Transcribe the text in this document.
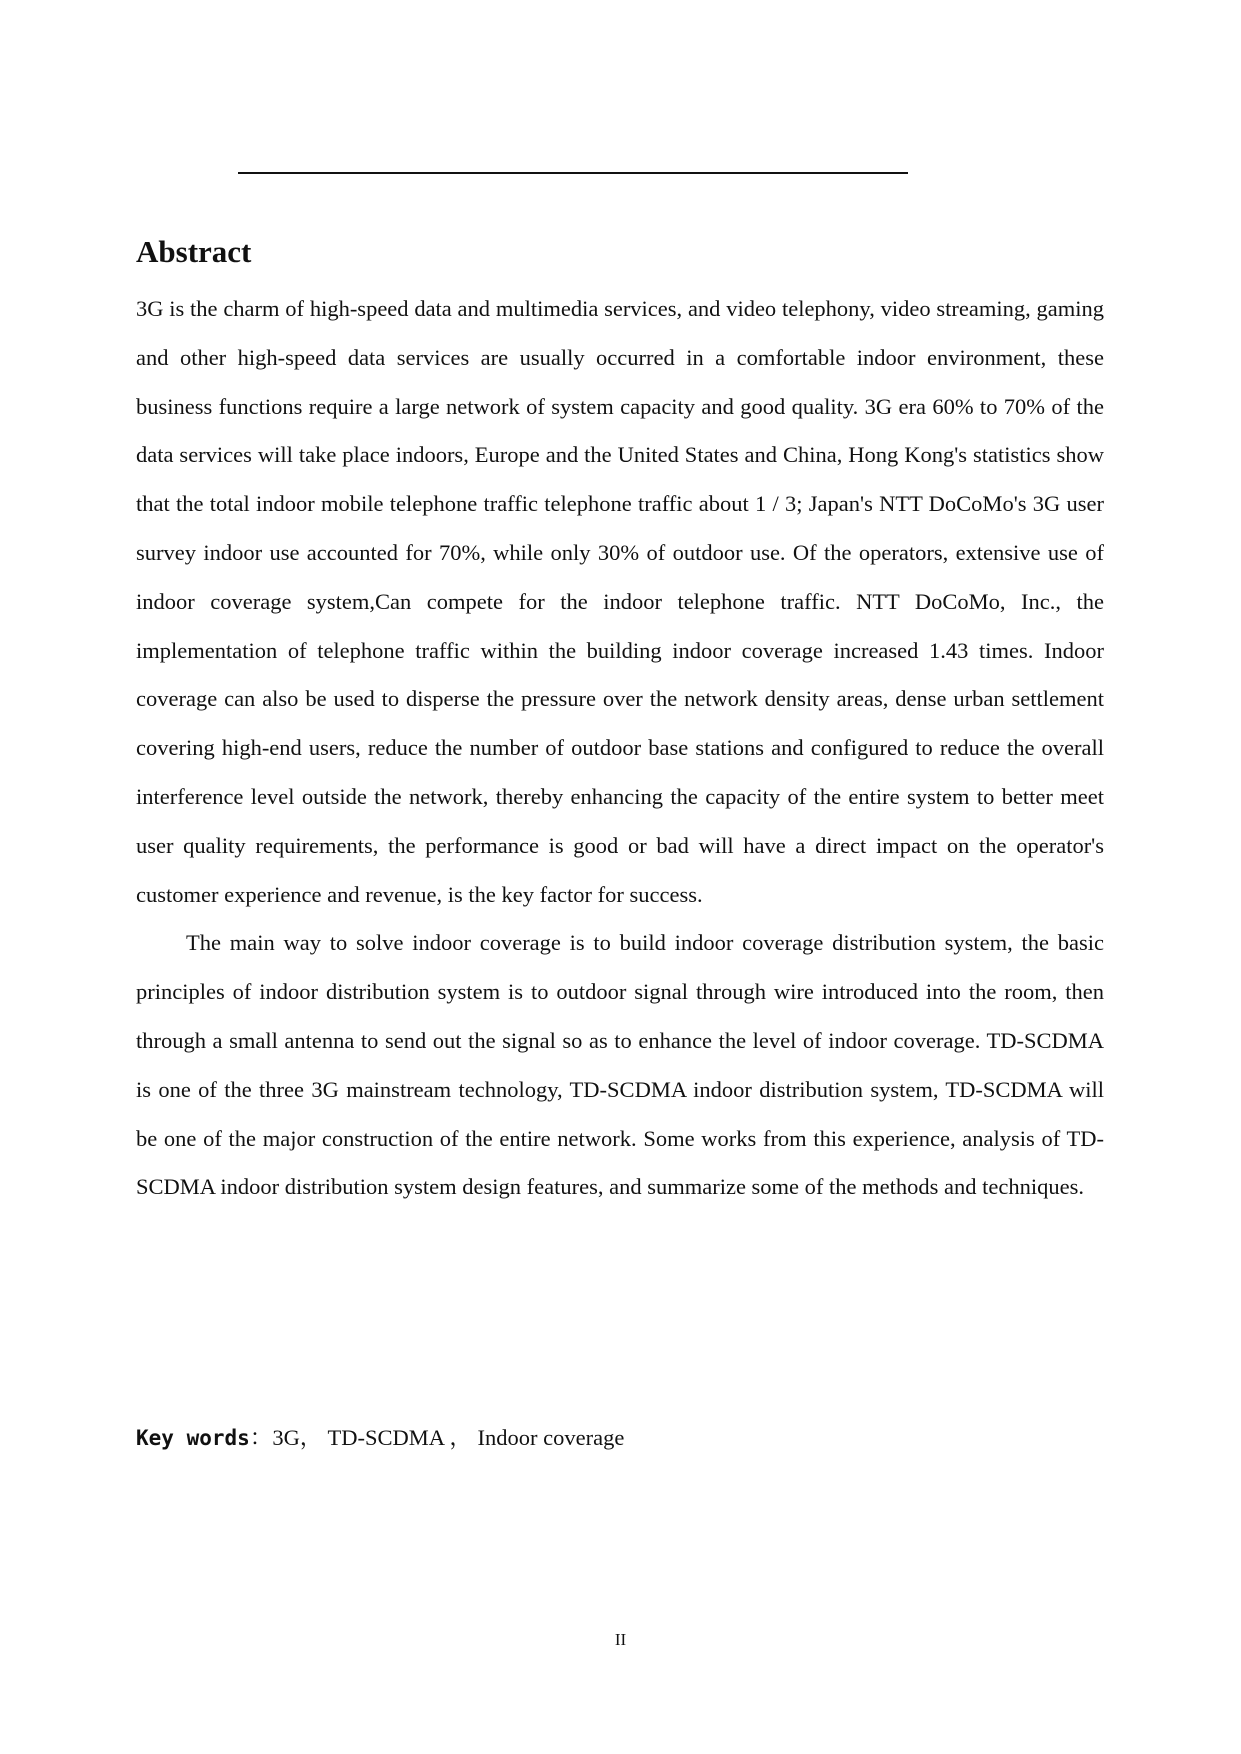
Abstract

3G is the charm of high-speed data and multimedia services, and video telephony, video streaming, gaming and other high-speed data services are usually occurred in a comfortable indoor environment, these business functions require a large network of system capacity and good quality. 3G era 60% to 70% of the data services will take place indoors, Europe and the United States and China, Hong Kong's statistics show that the total indoor mobile telephone traffic telephone traffic about 1 / 3; Japan's NTT DoCoMo's 3G user survey indoor use accounted for 70%, while only 30% of outdoor use. Of the operators, extensive use of indoor coverage system,Can compete for the indoor telephone traffic. NTT DoCoMo, Inc., the implementation of telephone traffic within the building indoor coverage increased 1.43 times. Indoor coverage can also be used to disperse the pressure over the network density areas, dense urban settlement covering high-end users, reduce the number of outdoor base stations and configured to reduce the overall interference level outside the network, thereby enhancing the capacity of the entire system to better meet user quality requirements, the performance is good or bad will have a direct impact on the operator's customer experience and revenue, is the key factor for success.

The main way to solve indoor coverage is to build indoor coverage distribution system, the basic principles of indoor distribution system is to outdoor signal through wire introduced into the room, then through a small antenna to send out the signal so as to enhance the level of indoor coverage. TD-SCDMA is one of the three 3G mainstream technology, TD-SCDMA indoor distribution system, TD-SCDMA will be one of the major construction of the entire network. Some works from this experience, analysis of TD-SCDMA indoor distribution system design features, and summarize some of the methods and techniques.

Key words：3G， TD-SCDMA ， Indoor coverage
II
